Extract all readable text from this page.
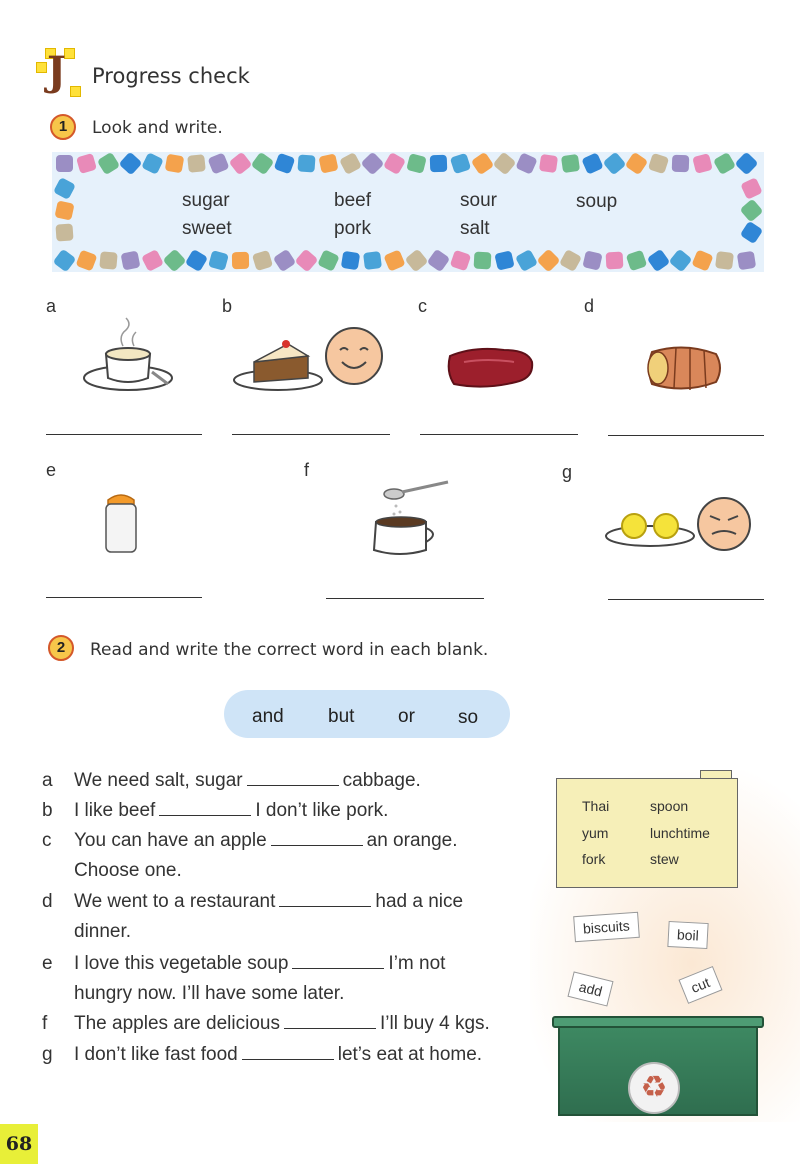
J Progress check
1	Look and write.
sugar	beef	sour	soup
sweet	pork	salt
a	b	c	d
e	f	g
2	Read and write the correct word in each blank.
and but or so
a We need salt, sugar	cabbage.
b I like beef	I don’t like pork.
c You can have an apple	an orange.
Choose one.
d We went to a restaurant	had a nice
dinner.
e I love this vegetable soup	I’m not
hungry now. I’ll have some later.
f The apples are delicious	I’ll buy 4 kgs.
g I don’t like fast food	let’s eat at home.
Thai	spoon
yum	lunchtime
fork	stew
biscuits	boil
add	cut
♻
68
